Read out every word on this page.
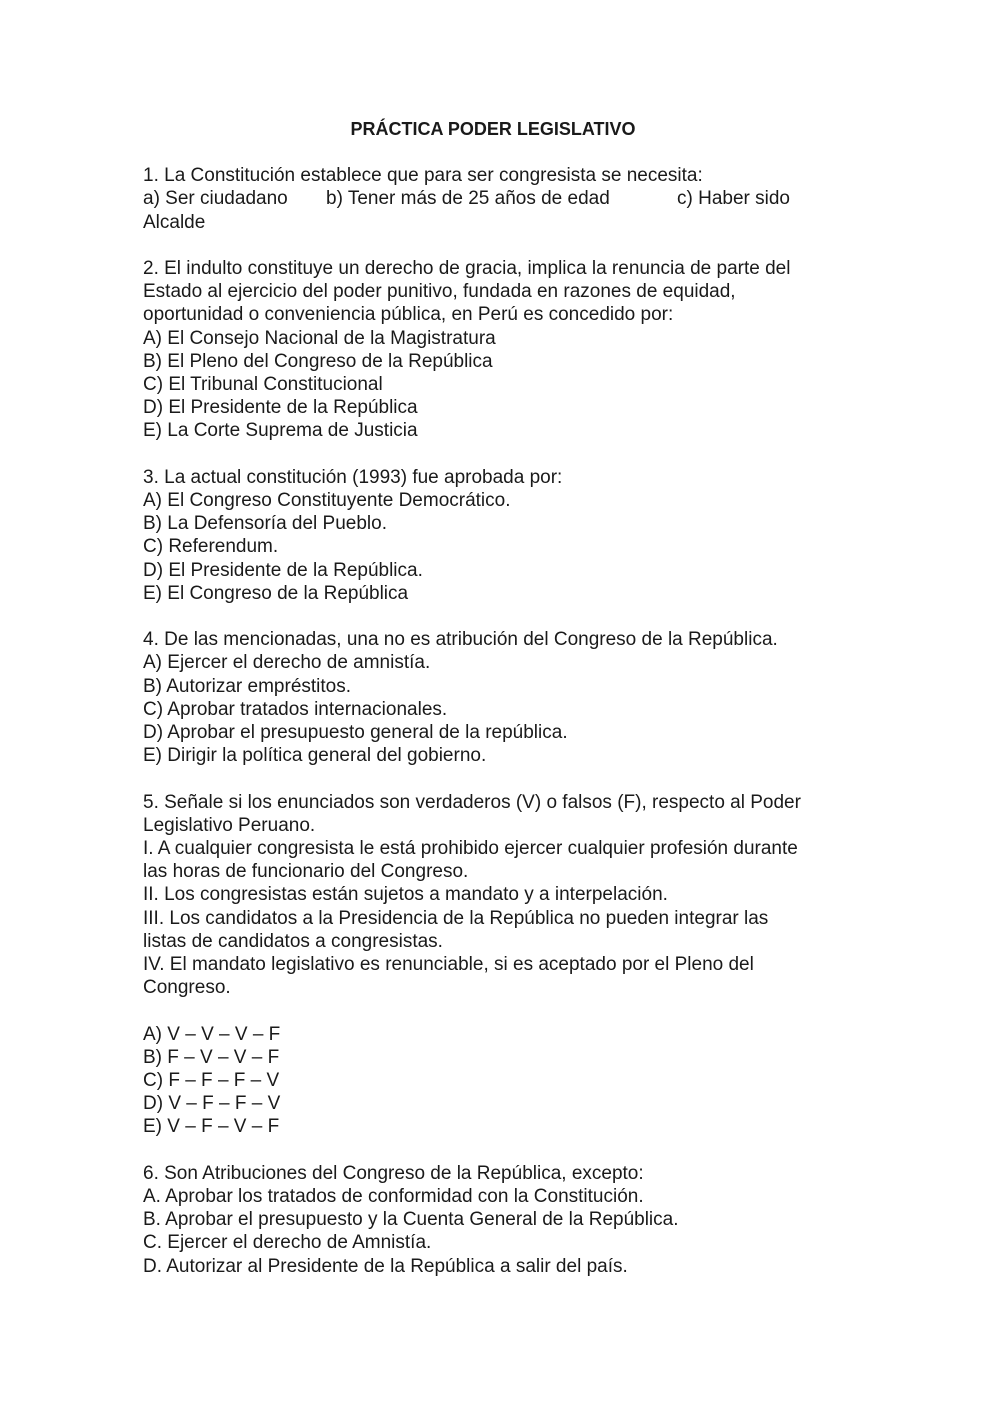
PRÁCTICA PODER LEGISLATIVO
1. La Constitución establece que para ser congresista se necesita:
a) Ser ciudadano b) Tener más de 25 años de edad	c) Haber sido
Alcalde
2. El indulto constituye un derecho de gracia, implica la renuncia de parte del
Estado al ejercicio del poder punitivo, fundada en razones de equidad,
oportunidad o conveniencia pública, en Perú es concedido por:
A) El Consejo Nacional de la Magistratura
B) El Pleno del Congreso de la República
C) El Tribunal Constitucional
D) El Presidente de la República
E) La Corte Suprema de Justicia
3. La actual constitución (1993) fue aprobada por:
A) El Congreso Constituyente Democrático.
B) La Defensoría del Pueblo.
C) Referendum.
D) El Presidente de la República.
E) El Congreso de la República
4. De las mencionadas, una no es atribución del Congreso de la República.
A) Ejercer el derecho de amnistía.
B) Autorizar empréstitos.
C) Aprobar tratados internacionales.
D) Aprobar el presupuesto general de la república.
E) Dirigir la política general del gobierno.
5. Señale si los enunciados son verdaderos (V) o falsos (F), respecto al Poder
Legislativo Peruano.
I. A cualquier congresista le está prohibido ejercer cualquier profesión durante
las horas de funcionario del Congreso.
II. Los congresistas están sujetos a mandato y a interpelación.
III. Los candidatos a la Presidencia de la República no pueden integrar las
listas de candidatos a congresistas.
IV. El mandato legislativo es renunciable, si es aceptado por el Pleno del
Congreso.
A) V – V – V – F
B) F – V – V – F
C) F – F – F – V
D) V – F – F – V
E) V – F – V – F
6. Son Atribuciones del Congreso de la República, excepto:
A. Aprobar los tratados de conformidad con la Constitución.
B. Aprobar el presupuesto y la Cuenta General de la República.
C. Ejercer el derecho de Amnistía.
D. Autorizar al Presidente de la República a salir del país.
